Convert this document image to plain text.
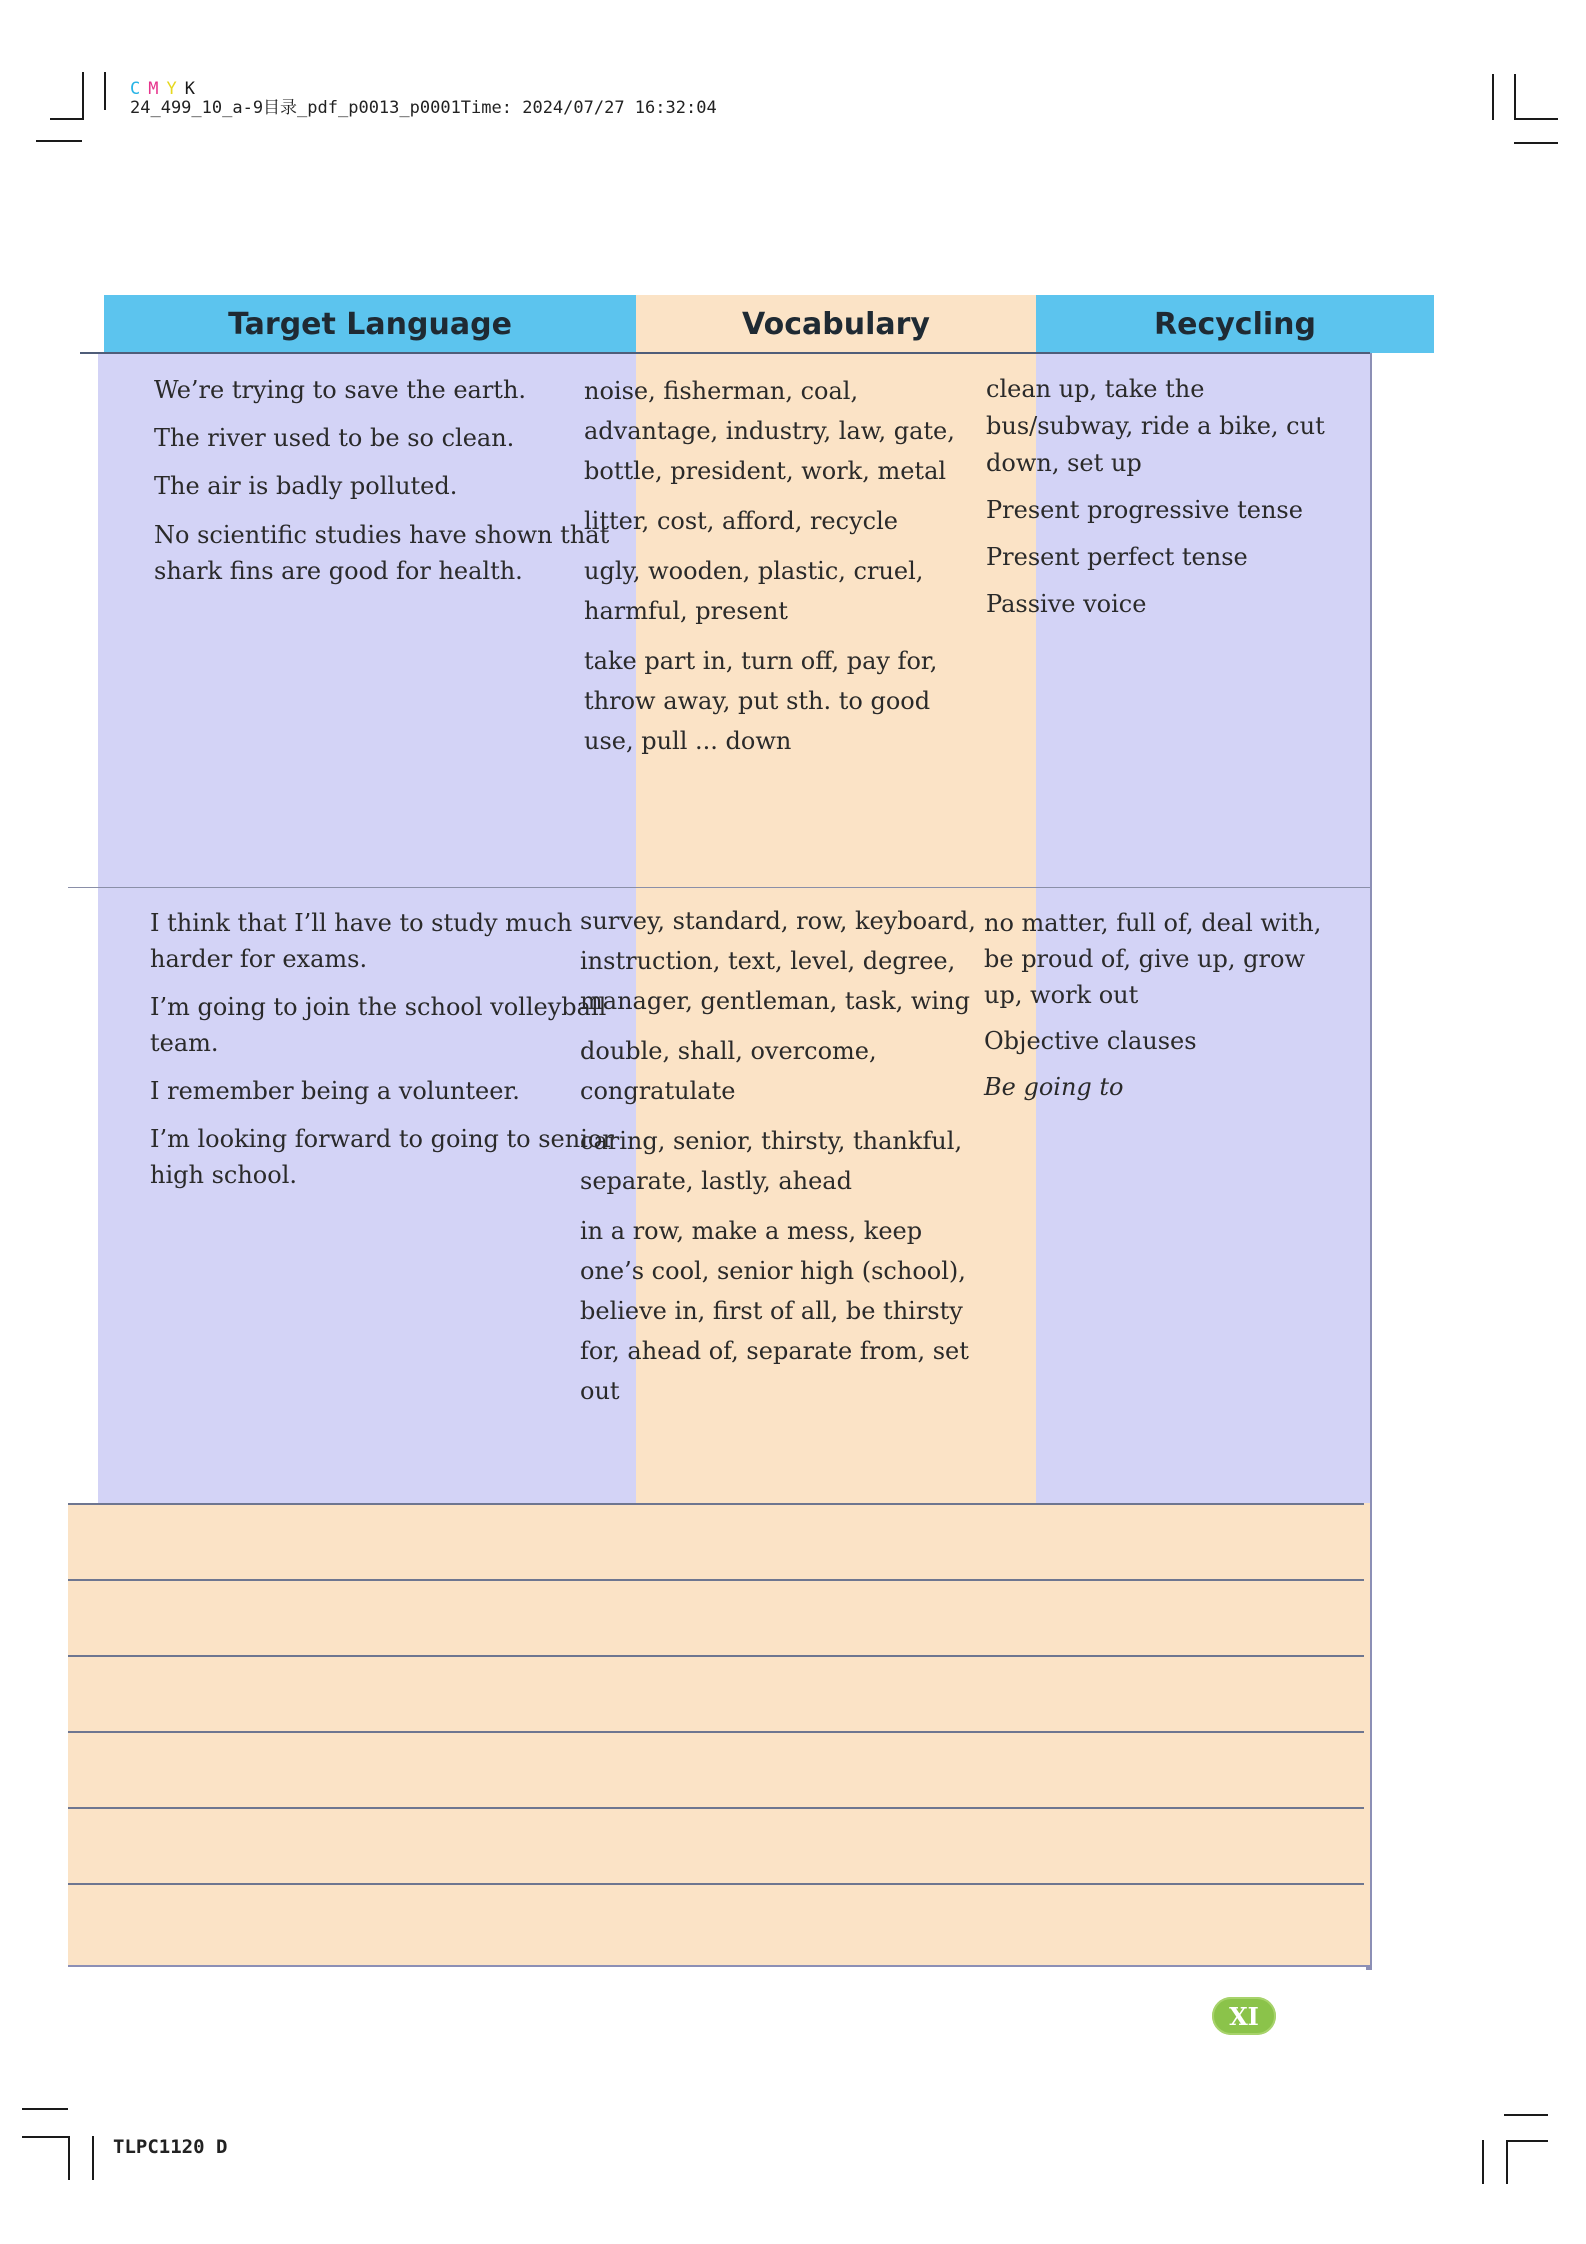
C M Y K
24_499_10_a-9目录_pdf_p0013_p0001Time: 2024/07/27 16:32:04
Target Language	Vocabulary	Recycling

We’re trying to save the earth.

The river used to be so clean.

The air is badly polluted.

No scientific studies have shown that shark fins are good for health.

noise, fisherman, coal, advantage, industry, law, gate, bottle, president, work, metal

litter, cost, afford, recycle

ugly, wooden, plastic, cruel, harmful, present

take part in, turn off, pay for, throw away, put sth. to good use, pull ... down

clean up, take the bus/subway, ride a bike, cut down, set up

Present progressive tense

Present perfect tense

Passive voice

I think that I’ll have to study much harder for exams.

I’m going to join the school volleyball team.

I remember being a volunteer.

I’m looking forward to going to senior high school.

survey, standard, row, keyboard, instruction, text, level, degree, manager, gentleman, task, wing

double, shall, overcome, congratulate

caring, senior, thirsty, thankful, separate, lastly, ahead

in a row, make a mess, keep one’s cool, senior high (school), believe in, first of all, be thirsty for, ahead of, separate from, set out

no matter, full of, deal with, be proud of, give up, grow up, work out

Objective clauses

Be going to

XI
TLPC1120 D
